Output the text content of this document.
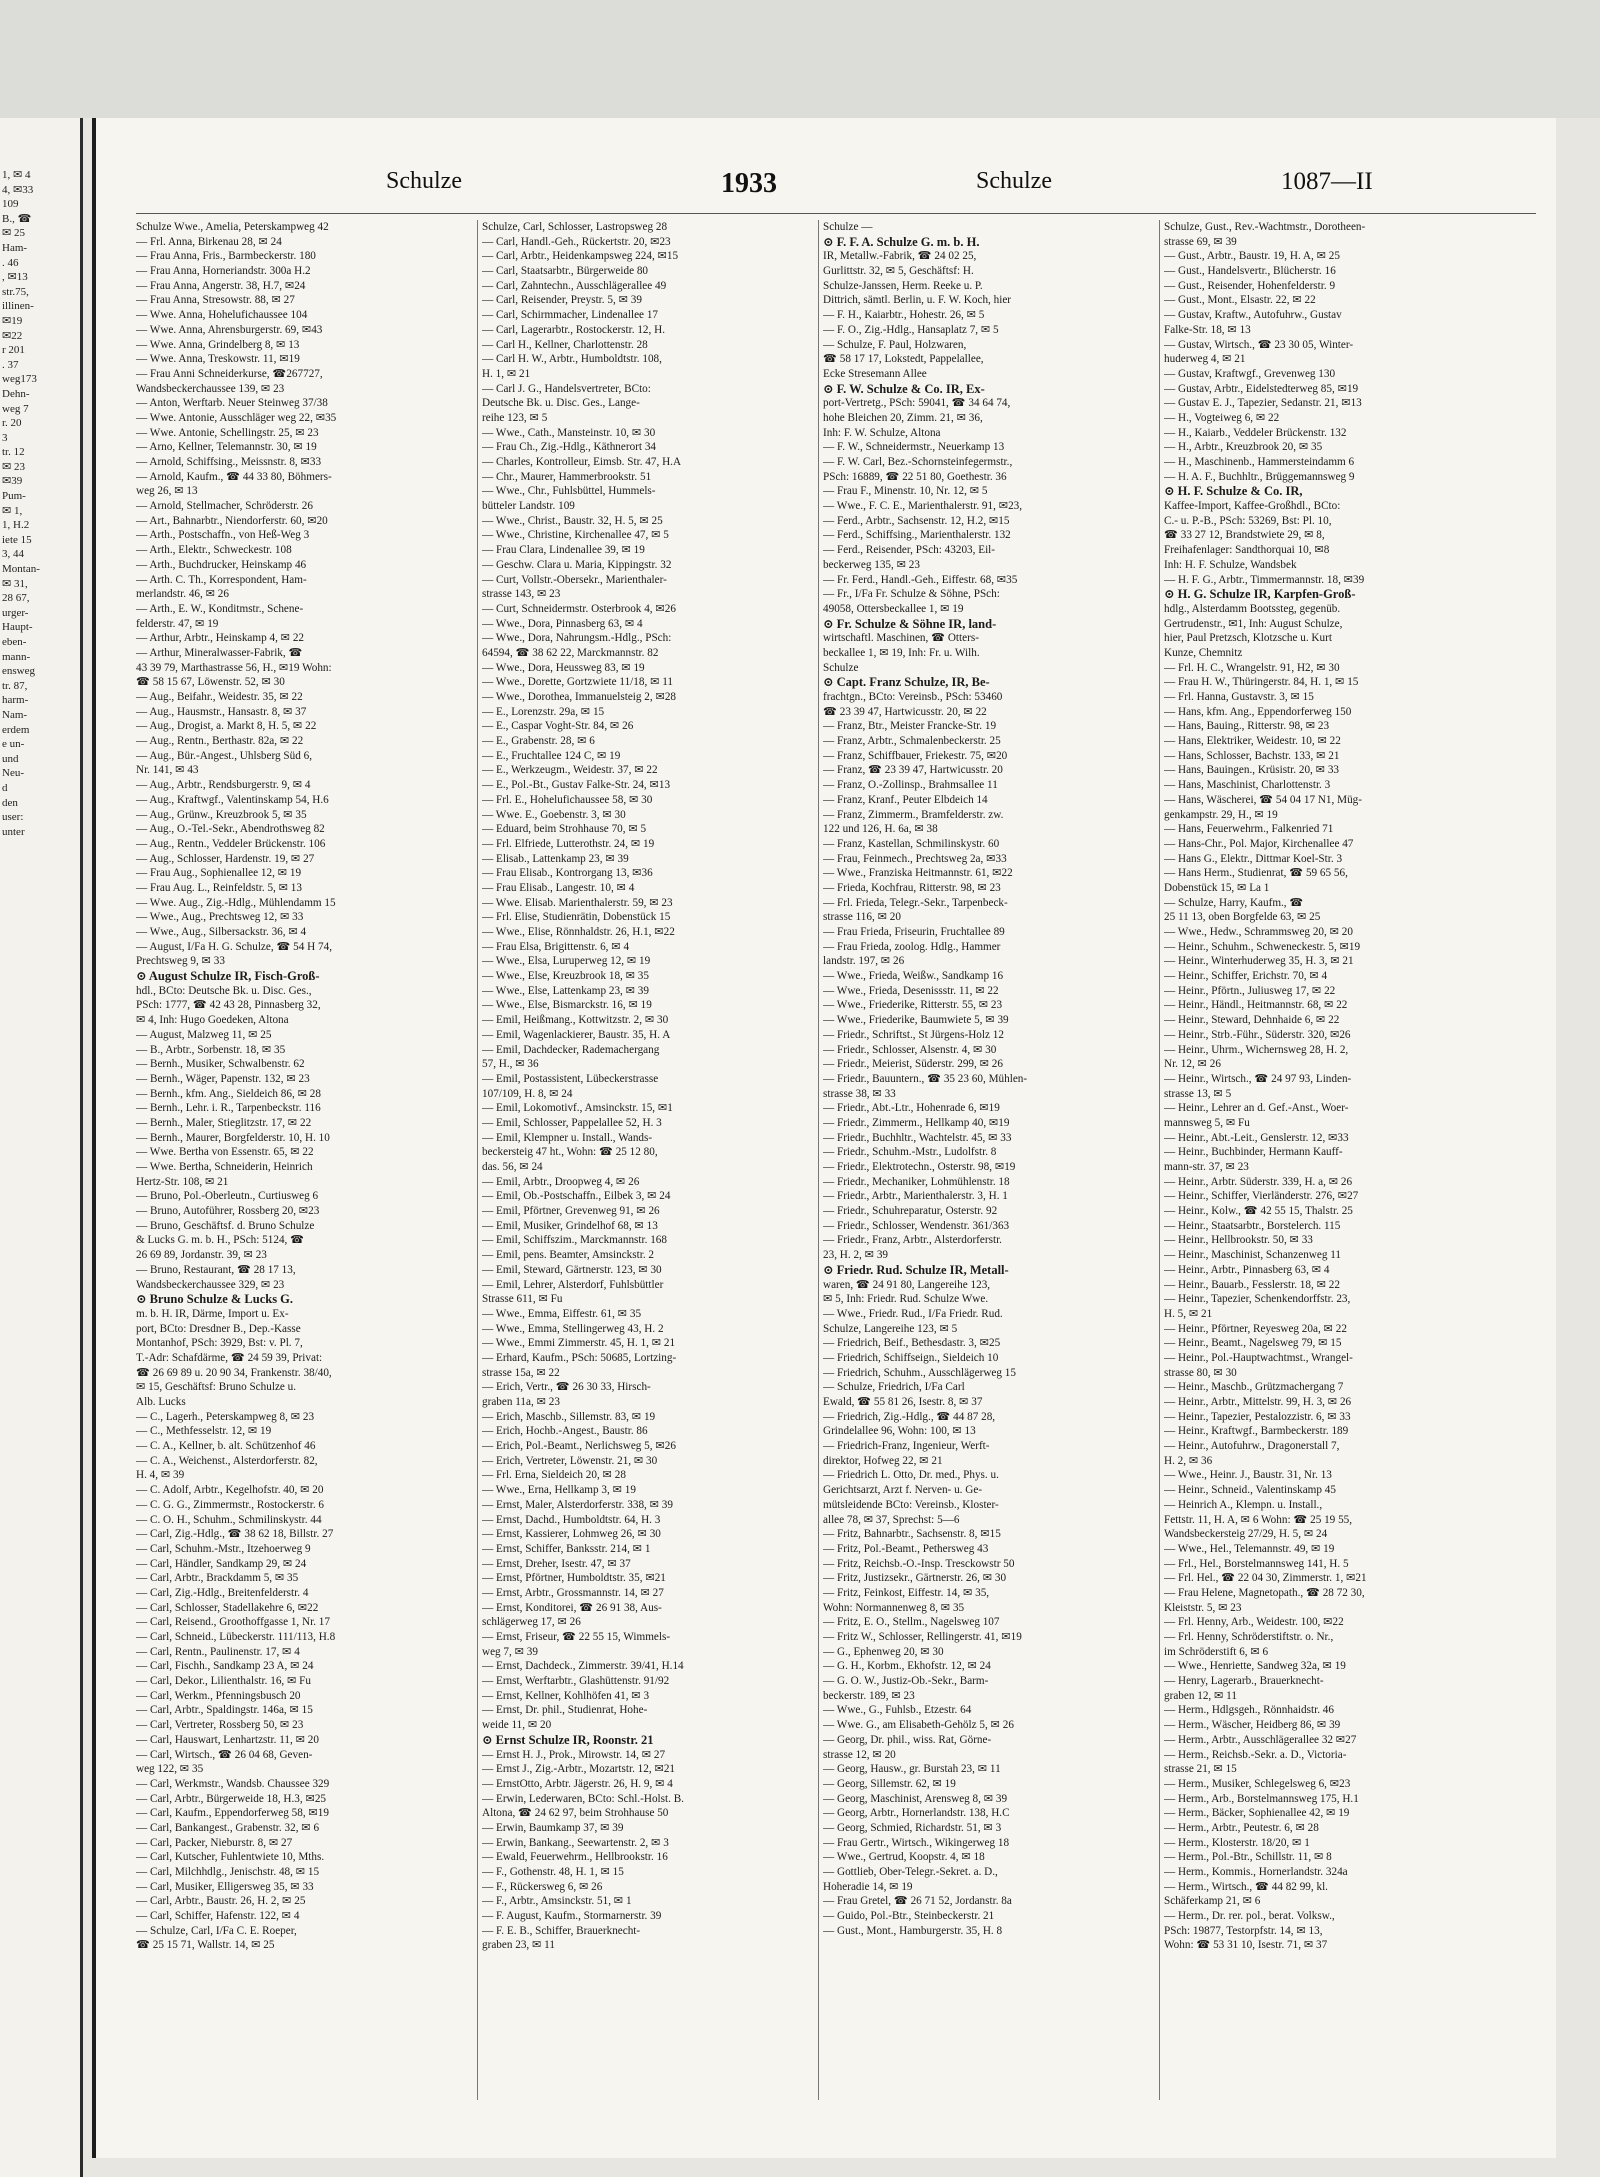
1, ✉ 4
4, ✉33
109
B., ☎
✉ 25
Ham-
. 46
, ✉13
str.75,
illinen-
✉19
✉22
r 201
. 37
weg173
Dehn-
weg 7
r. 20
3
tr. 12
✉ 23
✉39
Pum-
✉ 1,
1, H.2
iete 15
3, 44
Montan-
✉ 31,
28 67,
urger-
Haupt-
eben-
mann-
ensweg
tr. 87,
harm-
Nam-
erdem
e un-
und
Neu-
d
den
user:
unter
Schulze	1933	Schulze	1087—II
Schulze Wwe., Amelia, Peterskampweg 42
— Frl. Anna, Birkenau 28, ✉ 24
— Frau Anna, Fris., Barmbeckerstr. 180
— Frau Anna, Horneriandstr. 300a H.2
— Frau Anna, Angerstr. 38, H.7, ✉24
— Frau Anna, Stresowstr. 88, ✉ 27
— Wwe. Anna, Hohelufichaussee 104
— Wwe. Anna, Ahrensburgerstr. 69, ✉43
— Wwe. Anna, Grindelberg 8, ✉ 13
— Wwe. Anna, Treskowstr. 11, ✉19
— Frau Anni Schneiderkurse, ☎267727,
Wandsbeckerchaussee 139, ✉ 23
— Anton, Werftarb. Neuer Steinweg 37/38
— Wwe. Antonie, Ausschläger weg 22, ✉35
— Wwe. Antonie, Schellingstr. 25, ✉ 23
— Arno, Kellner, Telemannstr. 30, ✉ 19
— Arnold, Schiffsing., Meissnstr. 8, ✉33
— Arnold, Kaufm., ☎ 44 33 80, Böhmers-
weg 26, ✉ 13
— Arnold, Stellmacher, Schröderstr. 26
— Art., Bahnarbtr., Niendorferstr. 60, ✉20
— Arth., Postschaffn., von Heß-Weg 3
— Arth., Elektr., Schweckestr. 108
— Arth., Buchdrucker, Heinskamp 46
— Arth. C. Th., Korrespondent, Ham-
merlandstr. 46, ✉ 26
— Arth., E. W., Konditmstr., Schene-
felderstr. 47, ✉ 19
— Arthur, Arbtr., Heinskamp 4, ✉ 22
— Arthur, Mineralwasser-Fabrik, ☎
43 39 79, Marthastrasse 56, H., ✉19 Wohn:
☎ 58 15 67, Löwenstr. 52, ✉ 30
— Aug., Beifahr., Weidestr. 35, ✉ 22
— Aug., Hausmstr., Hansastr. 8, ✉ 37
— Aug., Drogist, a. Markt 8, H. 5, ✉ 22
— Aug., Rentn., Berthastr. 82a, ✉ 22
— Aug., Bür.-Angest., Uhlsberg Süd 6,
Nr. 141, ✉ 43
— Aug., Arbtr., Rendsburgerstr. 9, ✉ 4
— Aug., Kraftwgf., Valentinskamp 54, H.6
— Aug., Grünw., Kreuzbrook 5, ✉ 35
— Aug., O.-Tel.-Sekr., Abendrothsweg 82
— Aug., Rentn., Veddeler Brückenstr. 106
— Aug., Schlosser, Hardenstr. 19, ✉ 27
— Frau Aug., Sophienallee 12, ✉ 19
— Frau Aug. L., Reinfeldstr. 5, ✉ 13
— Wwe. Aug., Zig.-Hdlg., Mühlendamm 15
— Wwe., Aug., Prechtsweg 12, ✉ 33
— Wwe., Aug., Silbersackstr. 36, ✉ 4
— August, I/Fa H. G. Schulze, ☎ 54 H 74,
Prechtsweg 9, ✉ 33
⊙ August Schulze IR, Fisch-Groß-
hdl., BCto: Deutsche Bk. u. Disc. Ges.,
PSch: 1777, ☎ 42 43 28, Pinnasberg 32,
✉ 4, Inh: Hugo Goedeken, Altona
— August, Malzweg 11, ✉ 25
— B., Arbtr., Sorbenstr. 18, ✉ 35
— Bernh., Musiker, Schwalbenstr. 62
— Bernh., Wäger, Papenstr. 132, ✉ 23
— Bernh., kfm. Ang., Sieldeich 86, ✉ 28
— Bernh., Lehr. i. R., Tarpenbeckstr. 116
— Bernh., Maler, Stieglitzstr. 17, ✉ 22
— Bernh., Maurer, Borgfelderstr. 10, H. 10
— Wwe. Bertha von Essenstr. 65, ✉ 22
— Wwe. Bertha, Schneiderin, Heinrich
Hertz-Str. 108, ✉ 21
— Bruno, Pol.-Oberleutn., Curtiusweg 6
— Bruno, Autoführer, Rossberg 20, ✉23
— Bruno, Geschäftsf. d. Bruno Schulze
& Lucks G. m. b. H., PSch: 5124, ☎
26 69 89, Jordanstr. 39, ✉ 23
— Bruno, Restaurant, ☎ 28 17 13,
Wandsbeckerchaussee 329, ✉ 23
⊙ Bruno Schulze & Lucks G.
m. b. H. IR, Därme, Import u. Ex-
port, BCto: Dresdner B., Dep.-Kasse
Montanhof, PSch: 3929, Bst: v. Pl. 7,
T.-Adr: Schafdärme, ☎ 24 59 39, Privat:
☎ 26 69 89 u. 20 90 34, Frankenstr. 38/40,
✉ 15, Geschäftsf: Bruno Schulze u.
Alb. Lucks
— C., Lagerh., Peterskampweg 8, ✉ 23
— C., Methfesselstr. 12, ✉ 19
— C. A., Kellner, b. alt. Schützenhof 46
— C. A., Weichenst., Alsterdorferstr. 82,
H. 4, ✉ 39
— C. Adolf, Arbtr., Kegelhofstr. 40, ✉ 20
— C. G. G., Zimmermstr., Rostockerstr. 6
— C. O. H., Schuhm., Schmilinskystr. 44
— Carl, Zig.-Hdlg., ☎ 38 62 18, Billstr. 27
— Carl, Schuhm.-Mstr., Itzehoerweg 9
— Carl, Händler, Sandkamp 29, ✉ 24
— Carl, Arbtr., Brackdamm 5, ✉ 35
— Carl, Zig.-Hdlg., Breitenfelderstr. 4
— Carl, Schlosser, Stadellakehre 6, ✉22
— Carl, Reisend., Groothoffgasse 1, Nr. 17
— Carl, Schneid., Lübeckerstr. 111/113, H.8
— Carl, Rentn., Paulinenstr. 17, ✉ 4
— Carl, Fischh., Sandkamp 23 A, ✉ 24
— Carl, Dekor., Lilienthalstr. 16, ✉ Fu
— Carl, Werkm., Pfenningsbusch 20
— Carl, Arbtr., Spaldingstr. 146a, ✉ 15
— Carl, Vertreter, Rossberg 50, ✉ 23
— Carl, Hauswart, Lenhartzstr. 11, ✉ 20
— Carl, Wirtsch., ☎ 26 04 68, Geven-
weg 122, ✉ 35
— Carl, Werkmstr., Wandsb. Chaussee 329
— Carl, Arbtr., Bürgerweide 18, H.3, ✉25
— Carl, Kaufm., Eppendorferweg 58, ✉19
— Carl, Bankangest., Grabenstr. 32, ✉ 6
— Carl, Packer, Nieburstr. 8, ✉ 27
— Carl, Kutscher, Fuhlentwiete 10, Mths.
— Carl, Milchhdlg., Jenischstr. 48, ✉ 15
— Carl, Musiker, Elligersweg 35, ✉ 33
— Carl, Arbtr., Baustr. 26, H. 2, ✉ 25
— Carl, Schiffer, Hafenstr. 122, ✉ 4
— Schulze, Carl, I/Fa C. E. Roeper,
☎ 25 15 71, Wallstr. 14, ✉ 25
Schulze, Carl, Schlosser, Lastropsweg 28
— Carl, Handl.-Geh., Rückertstr. 20, ✉23
— Carl, Arbtr., Heidenkampsweg 224, ✉15
— Carl, Staatsarbtr., Bürgerweide 80
— Carl, Zahntechn., Ausschlägerallee 49
— Carl, Reisender, Preystr. 5, ✉ 39
— Carl, Schirmmacher, Lindenallee 17
— Carl, Lagerarbtr., Rostockerstr. 12, H.
— Carl H., Kellner, Charlottenstr. 28
— Carl H. W., Arbtr., Humboldtstr. 108,
H. 1, ✉ 21
— Carl J. G., Handelsvertreter, BCto:
Deutsche Bk. u. Disc. Ges., Lange-
reihe 123, ✉ 5
— Wwe., Cath., Mansteinstr. 10, ✉ 30
— Frau Ch., Zig.-Hdlg., Käthnerort 34
— Charles, Kontrolleur, Eimsb. Str. 47, H.A
— Chr., Maurer, Hammerbrookstr. 51
— Wwe., Chr., Fuhlsbüttel, Hummels-
bütteler Landstr. 109
— Wwe., Christ., Baustr. 32, H. 5, ✉ 25
— Wwe., Christine, Kirchenallee 47, ✉ 5
— Frau Clara, Lindenallee 39, ✉ 19
— Geschw. Clara u. Maria, Kippingstr. 32
— Curt, Vollstr.-Obersekr., Marienthaler-
strasse 143, ✉ 23
— Curt, Schneidermstr. Osterbrook 4, ✉26
— Wwe., Dora, Pinnasberg 63, ✉ 4
— Wwe., Dora, Nahrungsm.-Hdlg., PSch:
64594, ☎ 38 62 22, Marckmannstr. 82
— Wwe., Dora, Heussweg 83, ✉ 19
— Wwe., Dorette, Gortzwiete 11/18, ✉ 11
— Wwe., Dorothea, Immanuelsteig 2, ✉28
— E., Lorenzstr. 29a, ✉ 15
— E., Caspar Voght-Str. 84, ✉ 26
— E., Grabenstr. 28, ✉ 6
— E., Fruchtallee 124 C, ✉ 19
— E., Werkzeugm., Weidestr. 37, ✉ 22
— E., Pol.-Bt., Gustav Falke-Str. 24, ✉13
— Frl. E., Hohelufichaussee 58, ✉ 30
— Wwe. E., Goebenstr. 3, ✉ 30
— Eduard, beim Strohhause 70, ✉ 5
— Frl. Elfriede, Lutterothstr. 24, ✉ 19
— Elisab., Lattenkamp 23, ✉ 39
— Frau Elisab., Kontrorgang 13, ✉36
— Frau Elisab., Langestr. 10, ✉ 4
— Wwe. Elisab. Marienthalerstr. 59, ✉ 23
— Frl. Elise, Studienrätin, Dobenstück 15
— Wwe., Elise, Rönnhaldstr. 26, H.1, ✉22
— Frau Elsa, Brigittenstr. 6, ✉ 4
— Wwe., Elsa, Luruperweg 12, ✉ 19
— Wwe., Else, Kreuzbrook 18, ✉ 35
— Wwe., Else, Lattenkamp 23, ✉ 39
— Wwe., Else, Bismarckstr. 16, ✉ 19
— Emil, Heißmang., Kottwitzstr. 2, ✉ 30
— Emil, Wagenlackierer, Baustr. 35, H. A
— Emil, Dachdecker, Rademachergang
57, H., ✉ 36
— Emil, Postassistent, Lübeckerstrasse
107/109, H. 8, ✉ 24
— Emil, Lokomotivf., Amsinckstr. 15, ✉1
— Emil, Schlosser, Pappelallee 52, H. 3
— Emil, Klempner u. Install., Wands-
beckersteig 47 ht., Wohn: ☎ 25 12 80,
das. 56, ✉ 24
— Emil, Arbtr., Droopweg 4, ✉ 26
— Emil, Ob.-Postschaffn., Eilbek 3, ✉ 24
— Emil, Pförtner, Grevenweg 91, ✉ 26
— Emil, Musiker, Grindelhof 68, ✉ 13
— Emil, Schiffszim., Marckmannstr. 168
— Emil, pens. Beamter, Amsinckstr. 2
— Emil, Steward, Gärtnerstr. 123, ✉ 30
— Emil, Lehrer, Alsterdorf, Fuhlsbüttler
Strasse 611, ✉ Fu
— Wwe., Emma, Eiffestr. 61, ✉ 35
— Wwe., Emma, Stellingerweg 43, H. 2
— Wwe., Emmi Zimmerstr. 45, H. 1, ✉ 21
— Erhard, Kaufm., PSch: 50685, Lortzing-
strasse 15a, ✉ 22
— Erich, Vertr., ☎ 26 30 33, Hirsch-
graben 11a, ✉ 23
— Erich, Maschb., Sillemstr. 83, ✉ 19
— Erich, Hochb.-Angest., Baustr. 86
— Erich, Pol.-Beamt., Nerlichsweg 5, ✉26
— Erich, Vertreter, Löwenstr. 21, ✉ 30
— Frl. Erna, Sieldeich 20, ✉ 28
— Wwe., Erna, Hellkamp 3, ✉ 19
— Ernst, Maler, Alsterdorferstr. 338, ✉ 39
— Ernst, Dachd., Humboldtstr. 64, H. 3
— Ernst, Kassierer, Lohmweg 26, ✉ 30
— Ernst, Schiffer, Banksstr. 214, ✉ 1
— Ernst, Dreher, Isestr. 47, ✉ 37
— Ernst, Pförtner, Humboldtstr. 35, ✉21
— Ernst, Arbtr., Grossmannstr. 14, ✉ 27
— Ernst, Konditorei, ☎ 26 91 38, Aus-
schlägerweg 17, ✉ 26
— Ernst, Friseur, ☎ 22 55 15, Wimmels-
weg 7, ✉ 39
— Ernst, Dachdeck., Zimmerstr. 39/41, H.14
— Ernst, Werftarbtr., Glashüttenstr. 91/92
— Ernst, Kellner, Kohlhöfen 41, ✉ 3
— Ernst, Dr. phil., Studienrat, Hohe-
weide 11, ✉ 20
⊙ Ernst Schulze IR, Roonstr. 21
— Ernst H. J., Prok., Mirowstr. 14, ✉ 27
— Ernst J., Zig.-Arbtr., Mozartstr. 12, ✉21
— ErnstOtto, Arbtr. Jägerstr. 26, H. 9, ✉ 4
— Erwin, Lederwaren, BCto: Schl.-Holst. B.
Altona, ☎ 24 62 97, beim Strohhause 50
— Erwin, Baumkamp 37, ✉ 39
— Erwin, Bankang., Seewartenstr. 2, ✉ 3
— Ewald, Feuerwehrm., Hellbrookstr. 16
— F., Gothenstr. 48, H. 1, ✉ 15
— F., Rückersweg 6, ✉ 26
— F., Arbtr., Amsinckstr. 51, ✉ 1
— F. August, Kaufm., Stormarnerstr. 39
— F. E. B., Schiffer, Brauerknecht-
graben 23, ✉ 11
Schulze —
⊙ F. F. A. Schulze G. m. b. H.
IR, Metallw.-Fabrik, ☎ 24 02 25,
Gurlittstr. 32, ✉ 5, Geschäftsf: H.
Schulze-Janssen, Herm. Reeke u. P.
Dittrich, sämtl. Berlin, u. F. W. Koch, hier
— F. H., Kaiarbtr., Hohestr. 26, ✉ 5
— F. O., Zig.-Hdlg., Hansaplatz 7, ✉ 5
— Schulze, F. Paul, Holzwaren,
☎ 58 17 17, Lokstedt, Pappelallee,
Ecke Stresemann Allee
⊙ F. W. Schulze & Co. IR, Ex-
port-Vertretg., PSch: 59041, ☎ 34 64 74,
hohe Bleichen 20, Zimm. 21, ✉ 36,
Inh: F. W. Schulze, Altona
— F. W., Schneidermstr., Neuerkamp 13
— F. W. Carl, Bez.-Schornsteinfegermstr.,
PSch: 16889, ☎ 22 51 80, Goethestr. 36
— Frau F., Minenstr. 10, Nr. 12, ✉ 5
— Wwe., F. C. E., Marienthalerstr. 91, ✉23,
— Ferd., Arbtr., Sachsenstr. 12, H.2, ✉15
— Ferd., Schiffsing., Marienthalerstr. 132
— Ferd., Reisender, PSch: 43203, Eil-
beckerweg 135, ✉ 23
— Fr. Ferd., Handl.-Geh., Eiffestr. 68, ✉35
— Fr., I/Fa Fr. Schulze & Söhne, PSch:
49058, Ottersbeckallee 1, ✉ 19
⊙ Fr. Schulze & Söhne IR, land-
wirtschaftl. Maschinen, ☎ Otters-
beckallee 1, ✉ 19, Inh: Fr. u. Wilh.
Schulze
⊙ Capt. Franz Schulze, IR, Be-
frachtgn., BCto: Vereinsb., PSch: 53460
☎ 23 39 47, Hartwicusstr. 20, ✉ 22
— Franz, Btr., Meister Francke-Str. 19
— Franz, Arbtr., Schmalenbeckerstr. 25
— Franz, Schiffbauer, Friekestr. 75, ✉20
— Franz, ☎ 23 39 47, Hartwicusstr. 20
— Franz, O.-Zollinsp., Brahmsallee 11
— Franz, Kranf., Peuter Elbdeich 14
— Franz, Zimmerm., Bramfelderstr. zw.
122 und 126, H. 6a, ✉ 38
— Franz, Kastellan, Schmilinskystr. 60
— Frau, Feinmech., Prechtsweg 2a, ✉33
— Wwe., Franziska Heitmannstr. 61, ✉22
— Frieda, Kochfrau, Ritterstr. 98, ✉ 23
— Frl. Frieda, Telegr.-Sekr., Tarpenbeck-
strasse 116, ✉ 20
— Frau Frieda, Friseurin, Fruchtallee 89
— Frau Frieda, zoolog. Hdlg., Hammer
landstr. 197, ✉ 26
— Wwe., Frieda, Weißw., Sandkamp 16
— Wwe., Frieda, Desenissstr. 11, ✉ 22
— Wwe., Friederike, Ritterstr. 55, ✉ 23
— Wwe., Friederike, Baumwiete 5, ✉ 39
— Friedr., Schriftst., St Jürgens-Holz 12
— Friedr., Schlosser, Alsenstr. 4, ✉ 30
— Friedr., Meierist, Süderstr. 299, ✉ 26
— Friedr., Bauuntern., ☎ 35 23 60, Mühlen-
strasse 38, ✉ 33
— Friedr., Abt.-Ltr., Hohenrade 6, ✉19
— Friedr., Zimmerm., Hellkamp 40, ✉19
— Friedr., Buchhltr., Wachtelstr. 45, ✉ 33
— Friedr., Schuhm.-Mstr., Ludolfstr. 8
— Friedr., Elektrotechn., Osterstr. 98, ✉19
— Friedr., Mechaniker, Lohmühlenstr. 18
— Friedr., Arbtr., Marienthalerstr. 3, H. 1
— Friedr., Schuhreparatur, Osterstr. 92
— Friedr., Schlosser, Wendenstr. 361/363
— Friedr., Franz, Arbtr., Alsterdorferstr.
23, H. 2, ✉ 39
⊙ Friedr. Rud. Schulze IR, Metall-
waren, ☎ 24 91 80, Langereihe 123,
✉ 5, Inh: Friedr. Rud. Schulze Wwe.
— Wwe., Friedr. Rud., I/Fa Friedr. Rud.
Schulze, Langereihe 123, ✉ 5
— Friedrich, Beif., Bethesdastr. 3, ✉25
— Friedrich, Schiffseign., Sieldeich 10
— Friedrich, Schuhm., Ausschlägerweg 15
— Schulze, Friedrich, I/Fa Carl
Ewald, ☎ 55 81 26, Isestr. 8, ✉ 37
— Friedrich, Zig.-Hdlg., ☎ 44 87 28,
Grindelallee 96, Wohn: 100, ✉ 13
— Friedrich-Franz, Ingenieur, Werft-
direktor, Hofweg 22, ✉ 21
— Friedrich L. Otto, Dr. med., Phys. u.
Gerichtsarzt, Arzt f. Nerven- u. Ge-
mütsleidende BCto: Vereinsb., Kloster-
allee 78, ✉ 37, Sprechst: 5—6
— Fritz, Bahnarbtr., Sachsenstr. 8, ✉15
— Fritz, Pol.-Beamt., Pethersweg 43
— Fritz, Reichsb.-O.-Insp. Tresckowstr 50
— Fritz, Justizsekr., Gärtnerstr. 26, ✉ 30
— Fritz, Feinkost, Eiffestr. 14, ✉ 35,
Wohn: Normannenweg 8, ✉ 35
— Fritz, E. O., Stellm., Nagelsweg 107
— Fritz W., Schlosser, Rellingerstr. 41, ✉19
— G., Ephenweg 20, ✉ 30
— G. H., Korbm., Ekhofstr. 12, ✉ 24
— G. O. W., Justiz-Ob.-Sekr., Barm-
beckerstr. 189, ✉ 23
— Wwe., G., Fuhlsb., Etzestr. 64
— Wwe. G., am Elisabeth-Gehölz 5, ✉ 26
— Georg, Dr. phil., wiss. Rat, Görne-
strasse 12, ✉ 20
— Georg, Hausw., gr. Burstah 23, ✉ 11
— Georg, Sillemstr. 62, ✉ 19
— Georg, Maschinist, Arensweg 8, ✉ 39
— Georg, Arbtr., Hornerlandstr. 138, H.C
— Georg, Schmied, Richardstr. 51, ✉ 3
— Frau Gertr., Wirtsch., Wikingerweg 18
— Wwe., Gertrud, Koopstr. 4, ✉ 18
— Gottlieb, Ober-Telegr.-Sekret. a. D.,
Hoheradie 14, ✉ 19
— Frau Gretel, ☎ 26 71 52, Jordanstr. 8a
— Guido, Pol.-Btr., Steinbeckerstr. 21
— Gust., Mont., Hamburgerstr. 35, H. 8
Schulze, Gust., Rev.-Wachtmstr., Dorotheen-
strasse 69, ✉ 39
— Gust., Arbtr., Baustr. 19, H. A, ✉ 25
— Gust., Handelsvertr., Blücherstr. 16
— Gust., Reisender, Hohenfelderstr. 9
— Gust., Mont., Elsastr. 22, ✉ 22
— Gustav, Kraftw., Autofuhrw., Gustav
Falke-Str. 18, ✉ 13
— Gustav, Wirtsch., ☎ 23 30 05, Winter-
huderweg 4, ✉ 21
— Gustav, Kraftwgf., Grevenweg 130
— Gustav, Arbtr., Eidelstedterweg 85, ✉19
— Gustav E. J., Tapezier, Sedanstr. 21, ✉13
— H., Vogteiweg 6, ✉ 22
— H., Kaiarb., Veddeler Brückenstr. 132
— H., Arbtr., Kreuzbrook 20, ✉ 35
— H., Maschinenb., Hammersteindamm 6
— H. A. F., Buchhltr., Brüggemannsweg 9
⊙ H. F. Schulze & Co. IR,
Kaffee-Import, Kaffee-Großhdl., BCto:
C.- u. P.-B., PSch: 53269, Bst: Pl. 10,
☎ 33 27 12, Brandstwiete 29, ✉ 8,
Freihafenlager: Sandthorquai 10, ✉8
Inh: H. F. Schulze, Wandsbek
— H. F. G., Arbtr., Timmermannstr. 18, ✉39
⊙ H. G. Schulze IR, Karpfen-Groß-
hdlg., Alsterdamm Bootssteg, gegenüb.
Gertrudenstr., ✉1, Inh: August Schulze,
hier, Paul Pretzsch, Klotzsche u. Kurt
Kunze, Chemnitz
— Frl. H. C., Wrangelstr. 91, H2, ✉ 30
— Frau H. W., Thüringerstr. 84, H. 1, ✉ 15
— Frl. Hanna, Gustavstr. 3, ✉ 15
— Hans, kfm. Ang., Eppendorferweg 150
— Hans, Bauing., Ritterstr. 98, ✉ 23
— Hans, Elektriker, Weidestr. 10, ✉ 22
— Hans, Schlosser, Bachstr. 133, ✉ 21
— Hans, Bauingen., Krüsistr. 20, ✉ 33
— Hans, Maschinist, Charlottenstr. 3
— Hans, Wäscherei, ☎ 54 04 17 N1, Müg-
genkampstr. 29, H., ✉ 19
— Hans, Feuerwehrm., Falkenried 71
— Hans-Chr., Pol. Major, Kirchenallee 47
— Hans G., Elektr., Dittmar Koel-Str. 3
— Hans Herm., Studienrat, ☎ 59 65 56,
Dobenstück 15, ✉ La 1
— Schulze, Harry, Kaufm., ☎
25 11 13, oben Borgfelde 63, ✉ 25
— Wwe., Hedw., Schrammsweg 20, ✉ 20
— Heinr., Schuhm., Schweneckestr. 5, ✉19
— Heinr., Winterhuderweg 35, H. 3, ✉ 21
— Heinr., Schiffer, Erichstr. 70, ✉ 4
— Heinr., Pförtn., Juliusweg 17, ✉ 22
— Heinr., Händl., Heitmannstr. 68, ✉ 22
— Heinr., Steward, Dehnhaide 6, ✉ 22
— Heinr., Strb.-Führ., Süderstr. 320, ✉26
— Heinr., Uhrm., Wichernsweg 28, H. 2,
Nr. 12, ✉ 26
— Heinr., Wirtsch., ☎ 24 97 93, Linden-
strasse 13, ✉ 5
— Heinr., Lehrer an d. Gef.-Anst., Woer-
mannsweg 5, ✉ Fu
— Heinr., Abt.-Leit., Genslerstr. 12, ✉33
— Heinr., Buchbinder, Hermann Kauff-
mann-str. 37, ✉ 23
— Heinr., Arbtr. Süderstr. 339, H. a, ✉ 26
— Heinr., Schiffer, Vierländerstr. 276, ✉27
— Heinr., Kolw., ☎ 42 55 15, Thalstr. 25
— Heinr., Staatsarbtr., Borstelerch. 115
— Heinr., Hellbrookstr. 50, ✉ 33
— Heinr., Maschinist, Schanzenweg 11
— Heinr., Arbtr., Pinnasberg 63, ✉ 4
— Heinr., Bauarb., Fesslerstr. 18, ✉ 22
— Heinr., Tapezier, Schenkendorffstr. 23,
H. 5, ✉ 21
— Heinr., Pförtner, Reyesweg 20a, ✉ 22
— Heinr., Beamt., Nagelsweg 79, ✉ 15
— Heinr., Pol.-Hauptwachtmst., Wrangel-
strasse 80, ✉ 30
— Heinr., Maschb., Grützmachergang 7
— Heinr., Arbtr., Mittelstr. 99, H. 3, ✉ 26
— Heinr., Tapezier, Pestalozzistr. 6, ✉ 33
— Heinr., Kraftwgf., Barmbeckerstr. 189
— Heinr., Autofuhrw., Dragonerstall 7,
H. 2, ✉ 36
— Wwe., Heinr. J., Baustr. 31, Nr. 13
— Heinr., Schneid., Valentinskamp 45
— Heinrich A., Klempn. u. Install.,
Fettstr. 11, H. A, ✉ 6 Wohn: ☎ 25 19 55,
Wandsbeckersteig 27/29, H. 5, ✉ 24
— Wwe., Hel., Telemannstr. 49, ✉ 19
— Frl., Hel., Borstelmannsweg 141, H. 5
— Frl. Hel., ☎ 22 04 30, Zimmerstr. 1, ✉21
— Frau Helene, Magnetopath., ☎ 28 72 30,
Kleiststr. 5, ✉ 23
— Frl. Henny, Arb., Weidestr. 100, ✉22
— Frl. Henny, Schröderstiftstr. o. Nr.,
im Schröderstift 6, ✉ 6
— Wwe., Henriette, Sandweg 32a, ✉ 19
— Henry, Lagerarb., Brauerknecht-
graben 12, ✉ 11
— Herm., Hdlgsgeh., Rönnhaidstr. 46
— Herm., Wäscher, Heidberg 86, ✉ 39
— Herm., Arbtr., Ausschlägerallee 32 ✉27
— Herm., Reichsb.-Sekr. a. D., Victoria-
strasse 21, ✉ 15
— Herm., Musiker, Schlegelsweg 6, ✉23
— Herm., Arb., Borstelmannsweg 175, H.1
— Herm., Bäcker, Sophienallee 42, ✉ 19
— Herm., Arbtr., Peutestr. 6, ✉ 28
— Herm., Klosterstr. 18/20, ✉ 1
— Herm., Pol.-Btr., Schillstr. 11, ✉ 8
— Herm., Kommis., Hornerlandstr. 324a
— Herm., Wirtsch., ☎ 44 82 99, kl.
Schäferkamp 21, ✉ 6
— Herm., Dr. rer. pol., berat. Volksw.,
PSch: 19877, Testorpfstr. 14, ✉ 13,
Wohn: ☎ 53 31 10, Isestr. 71, ✉ 37
